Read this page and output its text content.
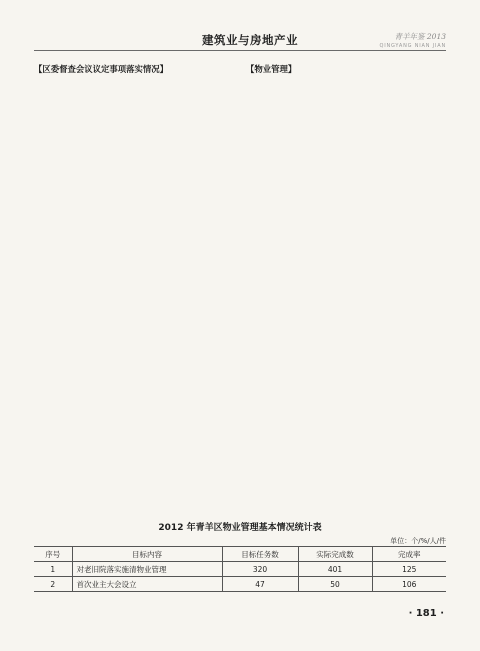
建筑业与房地产业	青羊年鉴 2013
QINGYANG NIAN JIAN

【区委督查会议议定事项落实情况】	【物业管理】

2012 年青羊区物业管理基本情况统计表
单位：个/%/人/件
序号	目标内容	目标任务数	实际完成数	完成率
1	对老旧院落实施清物业管理	320	401	125
2	首次业主大会设立	47	50	106
· 181 ·
